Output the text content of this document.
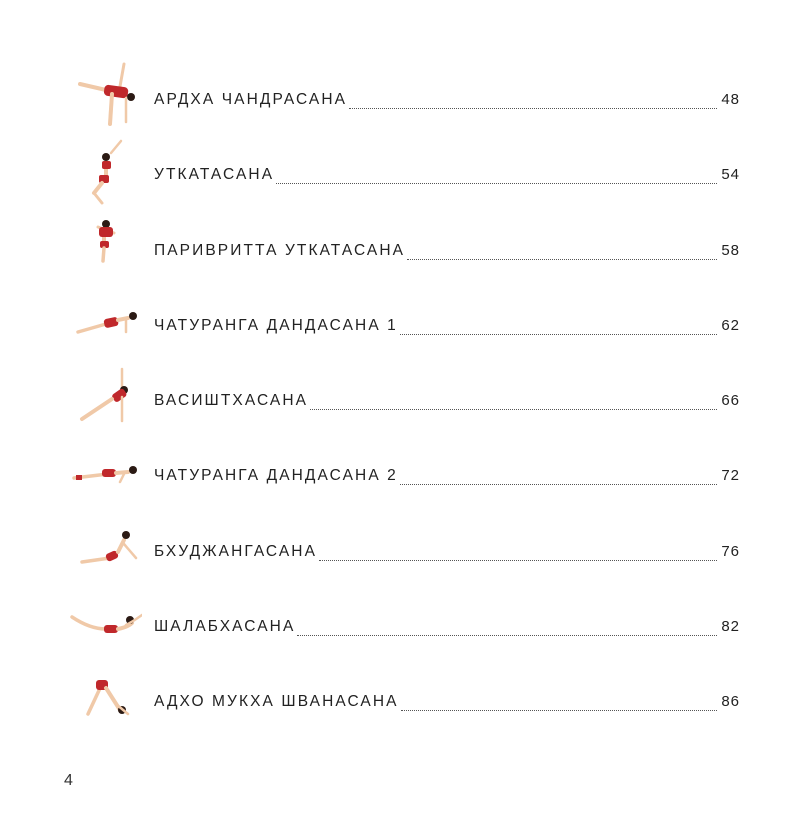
АРДХА ЧАНДРАСАНА	48
УТКАТАСАНА	54
ПАРИВРИТТА УТКАТАСАНА	58
ЧАТУРАНГА ДАНДАСАНА 1	62
ВАСИШТХАСАНА	66
ЧАТУРАНГА ДАНДАСАНА 2	72
БХУДЖАНГАСАНА	76
ШАЛАБХАСАНА	82
АДХО МУКХА ШВАНАСАНА	86
4
